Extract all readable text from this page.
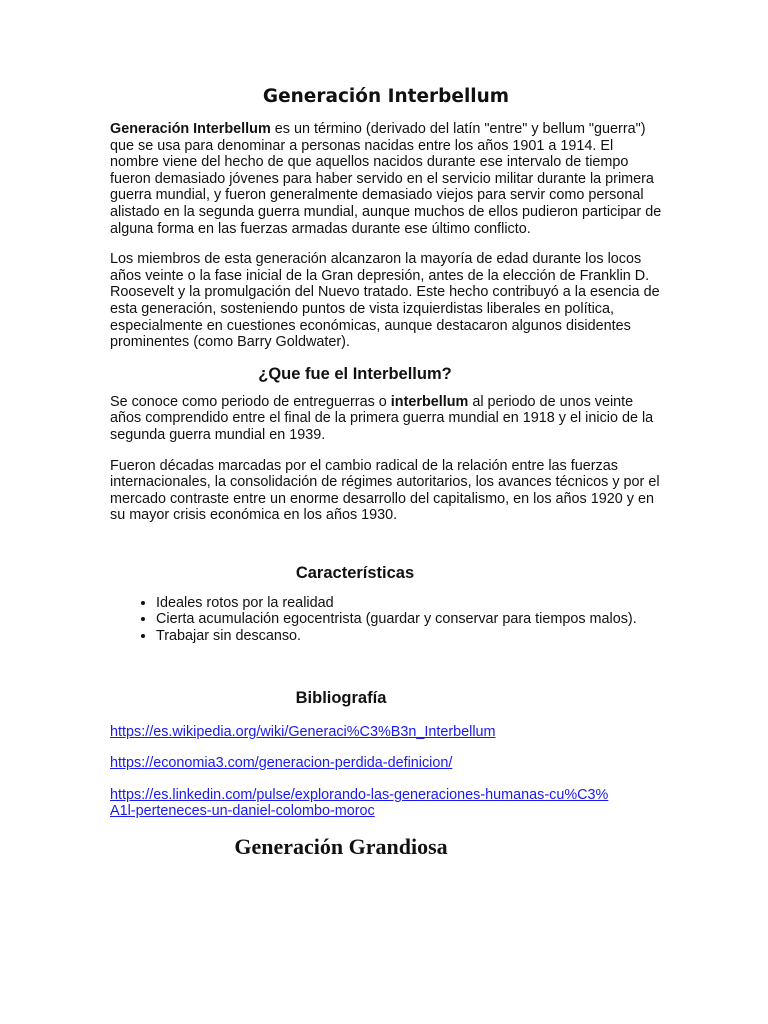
Generación Interbellum

Generación Interbellum es un término (derivado del latín "entre" y bellum "guerra") que se usa para denominar a personas nacidas entre los años 1901 a 1914. El nombre viene del hecho de que aquellos nacidos durante ese intervalo de tiempo fueron demasiado jóvenes para haber servido en el servicio militar durante la primera guerra mundial, y fueron generalmente demasiado viejos para servir como personal alistado en la segunda guerra mundial, aunque muchos de ellos pudieron participar de alguna forma en las fuerzas armadas durante ese último conflicto.

Los miembros de esta generación alcanzaron la mayoría de edad durante los locos años veinte o la fase inicial de la Gran depresión, antes de la elección de Franklin D. Roosevelt y la promulgación del Nuevo tratado. Este hecho contribuyó a la esencia de esta generación, sosteniendo puntos de vista izquierdistas liberales en política, especialmente en cuestiones económicas, aunque destacaron algunos disidentes prominentes (como Barry Goldwater).

¿Que fue el Interbellum?

Se conoce como periodo de entreguerras o interbellum al periodo de unos veinte años comprendido entre el final de la primera guerra mundial en 1918 y el inicio de la segunda guerra mundial en 1939.

Fueron décadas marcadas por el cambio radical de la relación entre las fuerzas internacionales, la consolidación de régimes autoritarios, los avances técnicos y por el mercado contraste entre un enorme desarrollo del capitalismo, en los años 1920 y en su mayor crisis económica en los años 1930.

Características
• Ideales rotos por la realidad
• Cierta acumulación egocentrista (guardar y conservar para tiempos malos).
• Trabajar sin descanso.
Bibliografía
https://es.wikipedia.org/wiki/Generaci%C3%B3n_Interbellum
https://economia3.com/generacion-perdida-definicion/
https://es.linkedin.com/pulse/explorando-las-generaciones-humanas-cu%C3%A1l-perteneces-un-daniel-colombo-moroc
Generación Grandiosa
